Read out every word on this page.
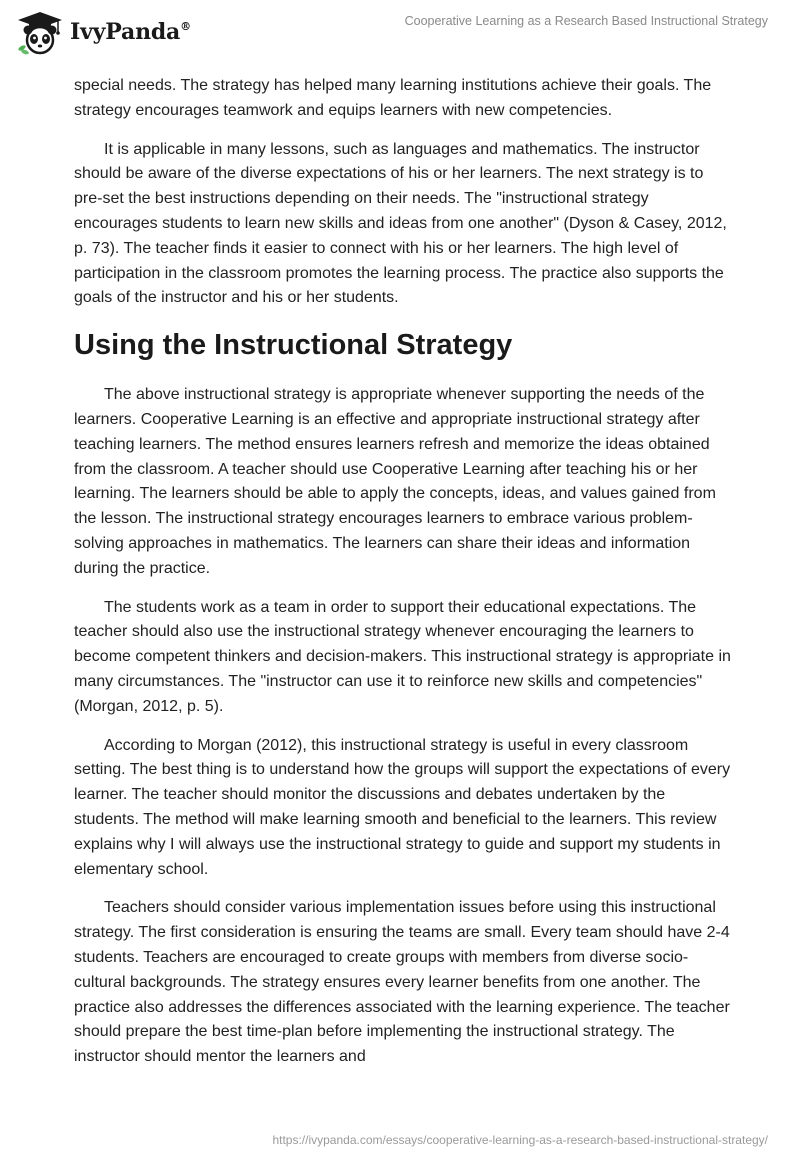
IvyPanda®	Cooperative Learning as a Research Based Instructional Strategy

special needs. The strategy has helped many learning institutions achieve their goals. The strategy encourages teamwork and equips learners with new competencies.

It is applicable in many lessons, such as languages and mathematics. The instructor should be aware of the diverse expectations of his or her learners. The next strategy is to pre-set the best instructions depending on their needs. The "instructional strategy encourages students to learn new skills and ideas from one another" (Dyson & Casey, 2012, p. 73). The teacher finds it easier to connect with his or her learners. The high level of participation in the classroom promotes the learning process. The practice also supports the goals of the instructor and his or her students.

Using the Instructional Strategy

The above instructional strategy is appropriate whenever supporting the needs of the learners. Cooperative Learning is an effective and appropriate instructional strategy after teaching learners. The method ensures learners refresh and memorize the ideas obtained from the classroom. A teacher should use Cooperative Learning after teaching his or her learning. The learners should be able to apply the concepts, ideas, and values gained from the lesson. The instructional strategy encourages learners to embrace various problem-solving approaches in mathematics. The learners can share their ideas and information during the practice.

The students work as a team in order to support their educational expectations. The teacher should also use the instructional strategy whenever encouraging the learners to become competent thinkers and decision-makers. This instructional strategy is appropriate in many circumstances. The "instructor can use it to reinforce new skills and competencies" (Morgan, 2012, p. 5).

According to Morgan (2012), this instructional strategy is useful in every classroom setting. The best thing is to understand how the groups will support the expectations of every learner. The teacher should monitor the discussions and debates undertaken by the students. The method will make learning smooth and beneficial to the learners. This review explains why I will always use the instructional strategy to guide and support my students in elementary school.

Teachers should consider various implementation issues before using this instructional strategy. The first consideration is ensuring the teams are small. Every team should have 2-4 students. Teachers are encouraged to create groups with members from diverse socio-cultural backgrounds. The strategy ensures every learner benefits from one another. The practice also addresses the differences associated with the learning experience. The teacher should prepare the best time-plan before implementing the instructional strategy. The instructor should mentor the learners and

https://ivypanda.com/essays/cooperative-learning-as-a-research-based-instructional-strategy/
